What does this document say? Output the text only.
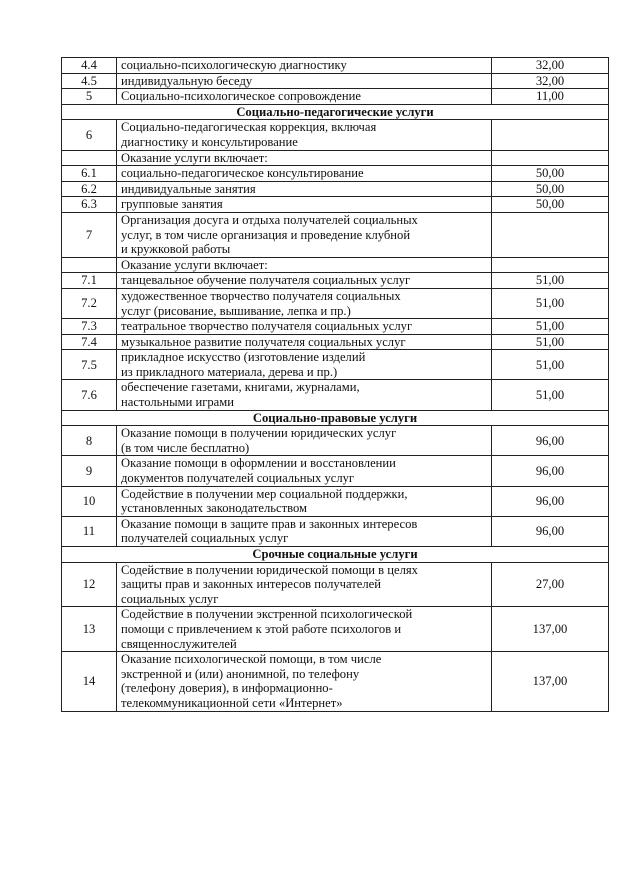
4.4	социально-психологическую диагностику	32,00
4.5	индивидуальную беседу	32,00
5	Социально-психологическое сопровождение	11,00
Социально-педагогические услуги		
6	Социально-педагогическая коррекция, включая
диагностику и консультирование	

	Оказание услуги включает:	

6.1	социально-педагогическое консультирование	50,00
6.2	индивидуальные занятия	50,00
6.3	групповые занятия	50,00
7	Организация досуга и отдыха получателей социальных
услуг, в том числе организация и проведение клубной
и кружковой работы	

	Оказание услуги включает:	

7.1	танцевальное обучение получателя социальных услуг	51,00
7.2	художественное творчество получателя социальных
услуг (рисование, вышивание, лепка и пр.)	51,00
7.3	театральное творчество получателя социальных услуг	51,00
7.4	музыкальное развитие получателя социальных услуг	51,00
7.5	прикладное искусство (изготовление изделий
из прикладного материала, дерева и пр.)	51,00
7.6	обеспечение газетами, книгами, журналами,
настольными играми	51,00
Социально-правовые услуги		
8	Оказание помощи в получении юридических услуг
(в том числе бесплатно)	96,00
9	Оказание помощи в оформлении и восстановлении
документов получателей социальных услуг	96,00
10	Содействие в получении мер социальной поддержки,
установленных законодательством	96,00
11	Оказание помощи в защите прав и законных интересов
получателей социальных услуг	96,00
Срочные социальные услуги		
12	Содействие в получении юридической помощи в целях
защиты прав и законных интересов получателей
социальных услуг	27,00
13	Содействие в получении экстренной психологической
помощи с привлечением к этой работе психологов и
священнослужителей	137,00
14	Оказание психологической помощи, в том числе
экстренной и (или) анонимной, по телефону
(телефону доверия), в информационно-
телекоммуникационной сети «Интернет»	137,00
